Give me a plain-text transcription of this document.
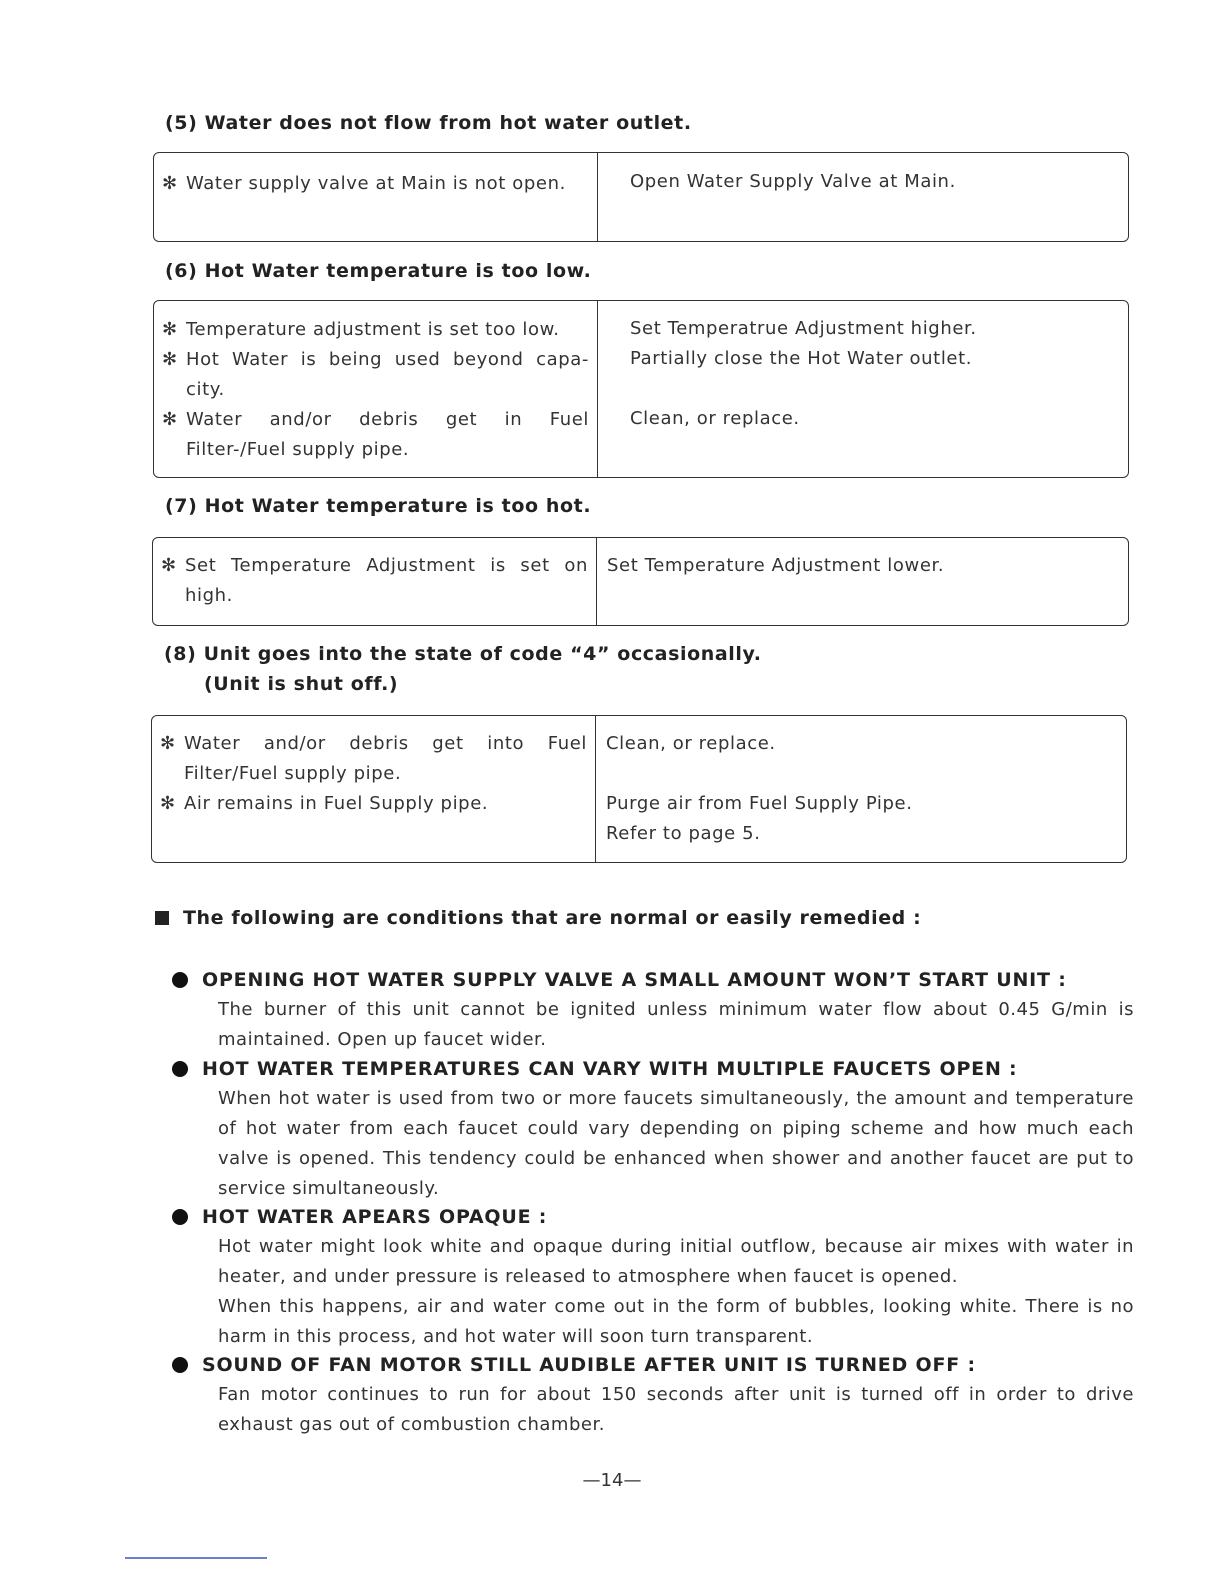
(5) Water does not flow from hot water outlet.
✻ Water supply valve at Main is not open.	Open Water Supply Valve at Main.
(6) Hot Water temperature is too low.
✻ Temperature adjustment is set too low.
✻ Hot Water is being used beyond capa-city.
✻ Water and/or debris get in Fuel Filter-/Fuel supply pipe.
Set Temperatrue Adjustment higher.
Partially close the Hot Water outlet.
Clean, or replace.
(7) Hot Water temperature is too hot.
✻ Set Temperature Adjustment is set on high.
Set Temperature Adjustment lower.
(8) Unit goes into the state of code “4” occasionally.
(Unit is shut off.)
✻ Water and/or debris get into Fuel Filter/Fuel supply pipe.
✻ Air remains in Fuel Supply pipe.
Clean, or replace.
Purge air from Fuel Supply Pipe.
Refer to page 5.
The following are conditions that are normal or easily remedied :
OPENING HOT WATER SUPPLY VALVE A SMALL AMOUNT WON’T START UNIT :
The burner of this unit cannot be ignited unless minimum water flow about 0.45 G/min is maintained. Open up faucet wider.
HOT WATER TEMPERATURES CAN VARY WITH MULTIPLE FAUCETS OPEN :
When hot water is used from two or more faucets simultaneously, the amount and temperature of hot water from each faucet could vary depending on piping scheme and how much each valve is opened. This tendency could be enhanced when shower and another faucet are put to service simultaneously.
HOT WATER APEARS OPAQUE :
Hot water might look white and opaque during initial outflow, because air mixes with water in heater, and under pressure is released to atmosphere when faucet is opened.
When this happens, air and water come out in the form of bubbles, looking white. There is no harm in this process, and hot water will soon turn transparent.
SOUND OF FAN MOTOR STILL AUDIBLE AFTER UNIT IS TURNED OFF :
Fan motor continues to run for about 150 seconds after unit is turned off in order to drive exhaust gas out of combustion chamber.
—14—
